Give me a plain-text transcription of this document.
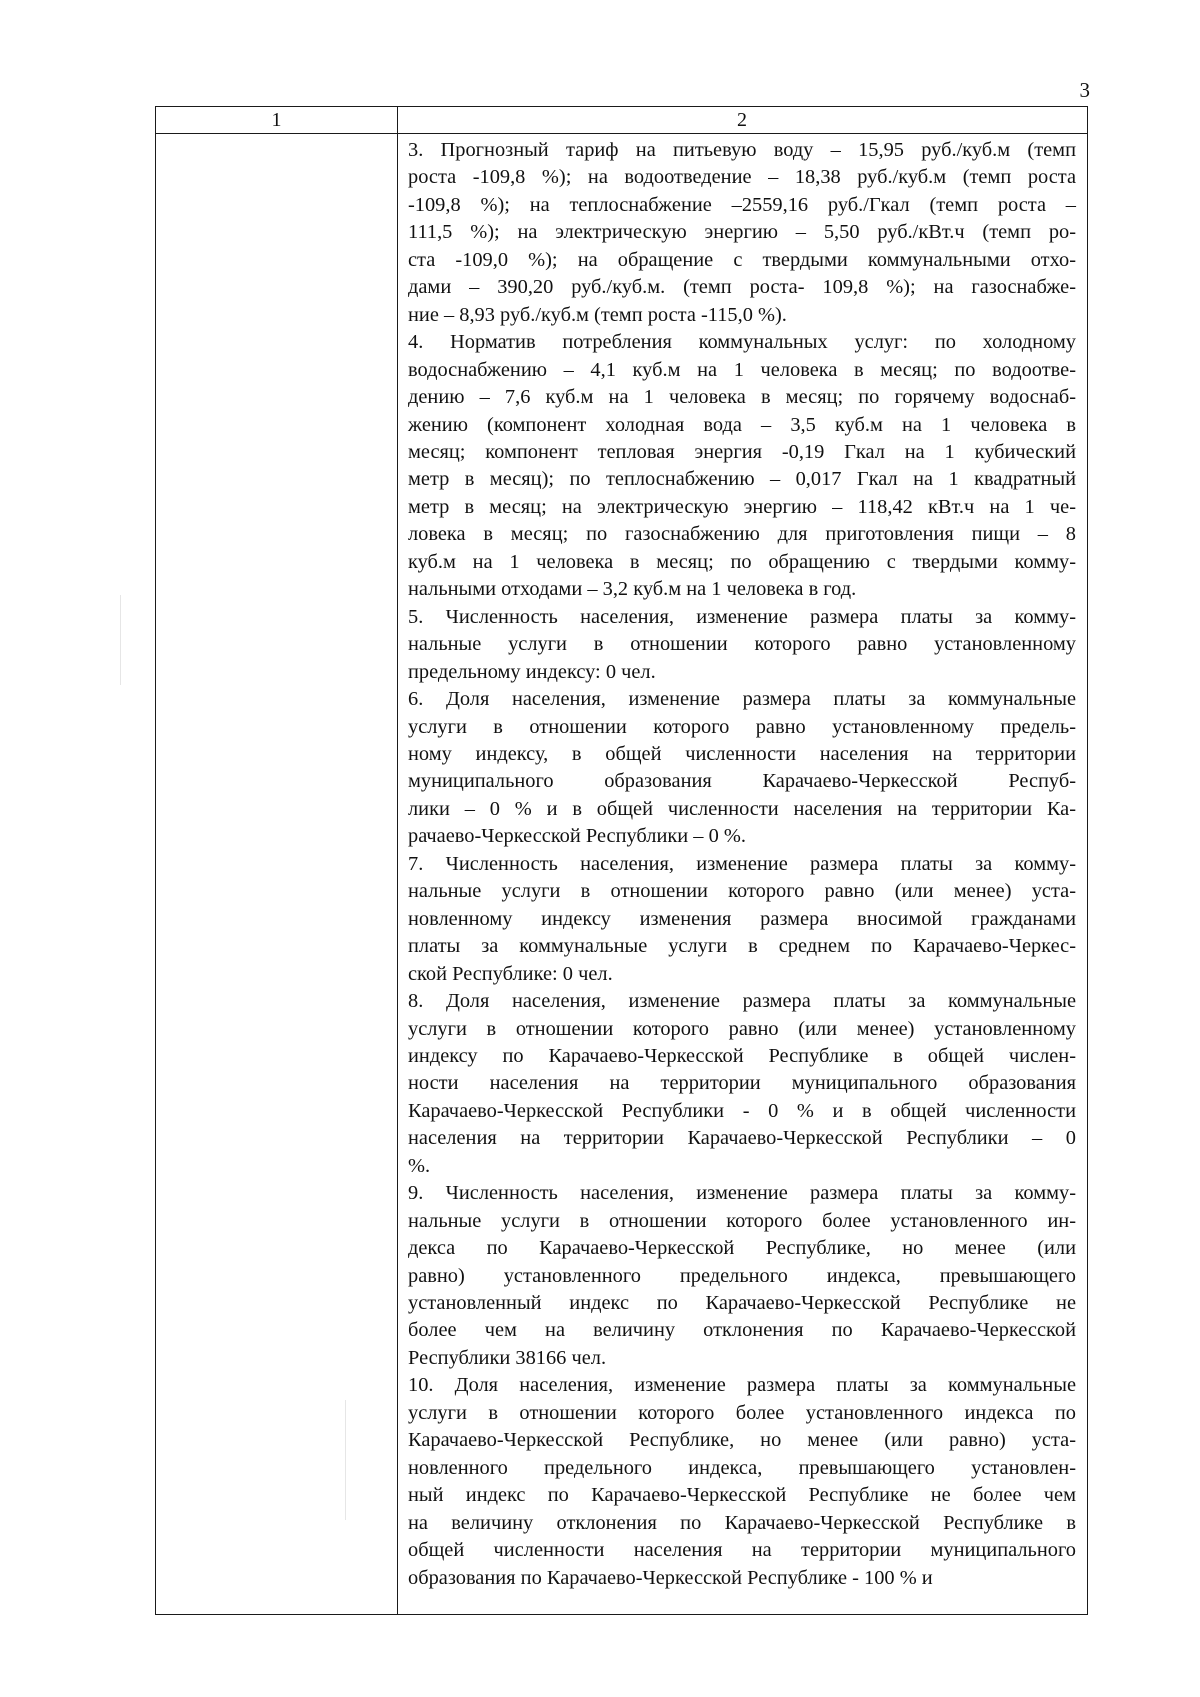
3
1	2

3. Прогнозный тариф на питьевую воду – 15,95 руб./куб.м (темп
роста -109,8 %); на водоотведение – 18,38 руб./куб.м (темп роста
-109,8 %); на теплоснабжение –2559,16 руб./Гкал (темп роста –
111,5 %); на электрическую энергию – 5,50 руб./кВт.ч (темп ро-
ста -109,0 %); на обращение с твердыми коммунальными отхо-
дами – 390,20 руб./куб.м. (темп роста- 109,8 %); на газоснабже-
ние – 8,93 руб./куб.м (темп роста -115,0 %).

4. Норматив потребления коммунальных услуг: по холодному
водоснабжению – 4,1 куб.м на 1 человека в месяц; по водоотве-
дению – 7,6 куб.м на 1 человека в месяц; по горячему водоснаб-
жению (компонент холодная вода – 3,5 куб.м на 1 человека в
месяц; компонент тепловая энергия -0,19 Гкал на 1 кубический
метр в месяц); по теплоснабжению – 0,017 Гкал на 1 квадратный
метр в месяц; на электрическую энергию – 118,42 кВт.ч на 1 че-
ловека в месяц; по газоснабжению для приготовления пищи – 8
куб.м на 1 человека в месяц; по обращению с твердыми комму-
нальными отходами – 3,2 куб.м на 1 человека в год.

5. Численность населения, изменение размера платы за комму-
нальные услуги в отношении которого равно установленному
предельному индексу: 0 чел.

6. Доля населения, изменение размера платы за коммунальные
услуги в отношении которого равно установленному предель-
ному индексу, в общей численности населения на территории
муниципального образования Карачаево-Черкесской Респуб-
лики – 0 % и в общей численности населения на территории Ка-
рачаево-Черкесской Республики – 0 %.

7. Численность населения, изменение размера платы за комму-
нальные услуги в отношении которого равно (или менее) уста-
новленному индексу изменения размера вносимой гражданами
платы за коммунальные услуги в среднем по Карачаево-Черкес-
ской Республике: 0 чел.

8. Доля населения, изменение размера платы за коммунальные
услуги в отношении которого равно (или менее) установленному
индексу по Карачаево-Черкесской Республике в общей числен-
ности населения на территории муниципального образования
Карачаево-Черкесской Республики - 0 % и в общей численности
населения на территории Карачаево-Черкесской Республики – 0
%.

9. Численность населения, изменение размера платы за комму-
нальные услуги в отношении которого более установленного ин-
декса по Карачаево-Черкесской Республике, но менее (или
равно) установленного предельного индекса, превышающего
установленный индекс по Карачаево-Черкесской Республике не
более чем на величину отклонения по Карачаево-Черкесской
Республики 38166 чел.

10. Доля населения, изменение размера платы за коммунальные
услуги в отношении которого более установленного индекса по
Карачаево-Черкесской Республике, но менее (или равно) уста-
новленного предельного индекса, превышающего установлен-
ный индекс по Карачаево-Черкесской Республике не более чем
на величину отклонения по Карачаево-Черкесской Республике в
общей численности населения на территории муниципального
образования по Карачаево-Черкесской Республике - 100 % и
